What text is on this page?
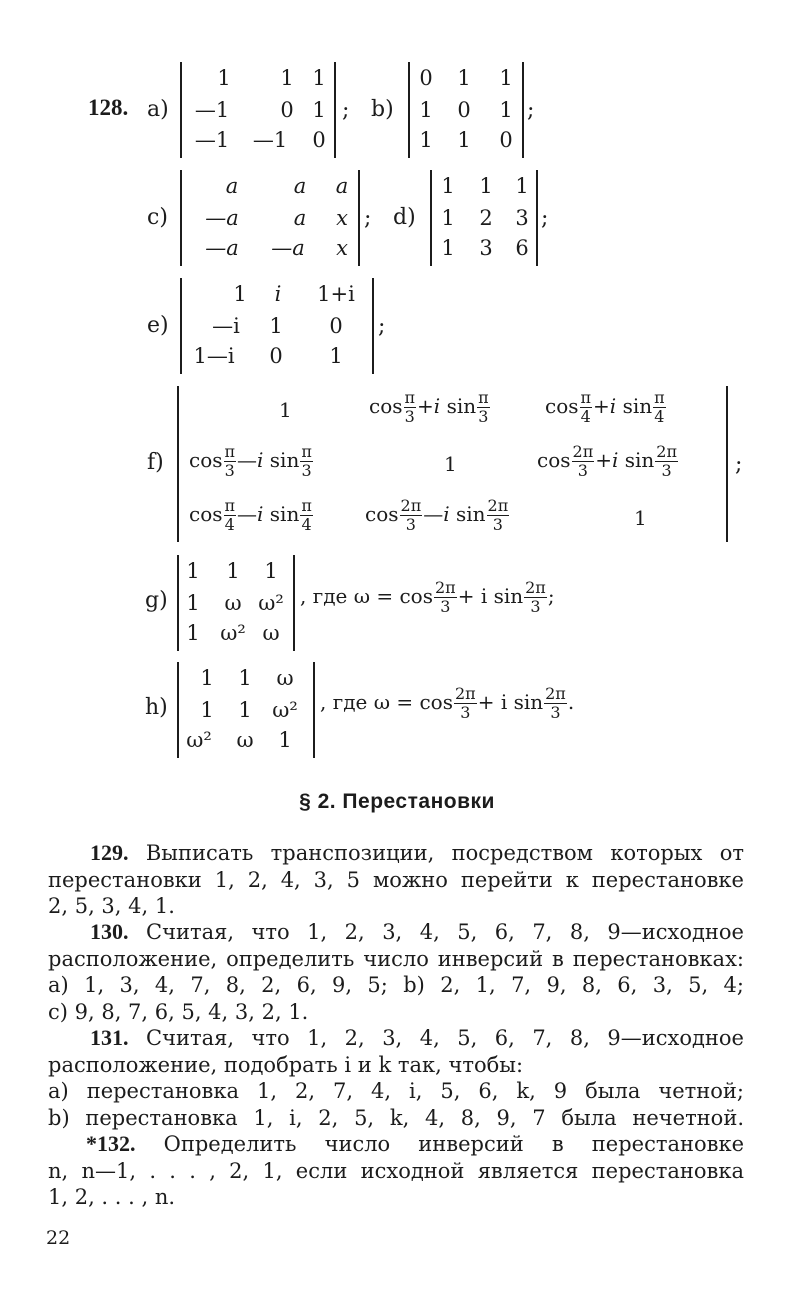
128. a)
1 1 1
—1 0 1
—1 —1 0
; b)
0 1 1
1 0 1
1 1 0
;
c)
a	a a
—a	a x
—a —a x
; d)
1 1 1
1 2 3
1 3 6
;
e)
1 i 1+i
—i 1 0
1—i 0 1
;
f)
1	$\cos \frac{\pi}{3} +i$ $\sin \frac{\pi}{3}$	$\cos \frac{\pi}{4} +i$ $\sin \frac{\pi}{4}$
$\cos \frac{\pi}{3}$ —i $\sin \frac{\pi}{3}$	1	$\cos \frac{2\pi}{3} +i$ $\sin \frac{2\pi}{3}$
$\cos \frac{\pi}{4}$ —i $\sin \frac{\pi}{4}$	$\cos \frac{2\pi}{3}$ —i $\sin \frac{2\pi}{3}$	1
;
g)
1 1 1
1 ω ω²
1 ω² ω
, где $\omega = \cos \frac{2\pi}{3} + i$ $\sin \frac{2\pi}{3}$ ;
h)
1 1 ω
1 1 ω²
ω² ω 1
, где $\omega = \cos \frac{2\pi}{3} + i$ $\sin \frac{2\pi}{3}$ .
§ 2. Перестановки
129. Выписать транспозиции, посредством которых от
перестановки 1, 2, 4, 3, 5 можно перейти к перестановке
2, 5, 3, 4, 1.
130. Считая, что 1, 2, 3, 4, 5, 6, 7, 8, 9—исходное
расположение, определить число инверсий в перестановках:
a) 1, 3, 4, 7, 8, 2, 6, 9, 5; b) 2, 1, 7, 9, 8, 6, 3, 5, 4;
c) 9, 8, 7, 6, 5, 4, 3, 2, 1.
131. Считая, что 1, 2, 3, 4, 5, 6, 7, 8, 9—исходное
расположение, подобрать i и k так, чтобы:
a) перестановка 1, 2, 7, 4, i, 5, 6, k, 9 была четной;
b) перестановка 1, i, 2, 5, k, 4, 8, 9, 7 была нечетной.
*132. Определить число инверсий в перестановке
n, n—1, . . . , 2, 1, если исходной является перестановка
1, 2, . . . , n.
22
